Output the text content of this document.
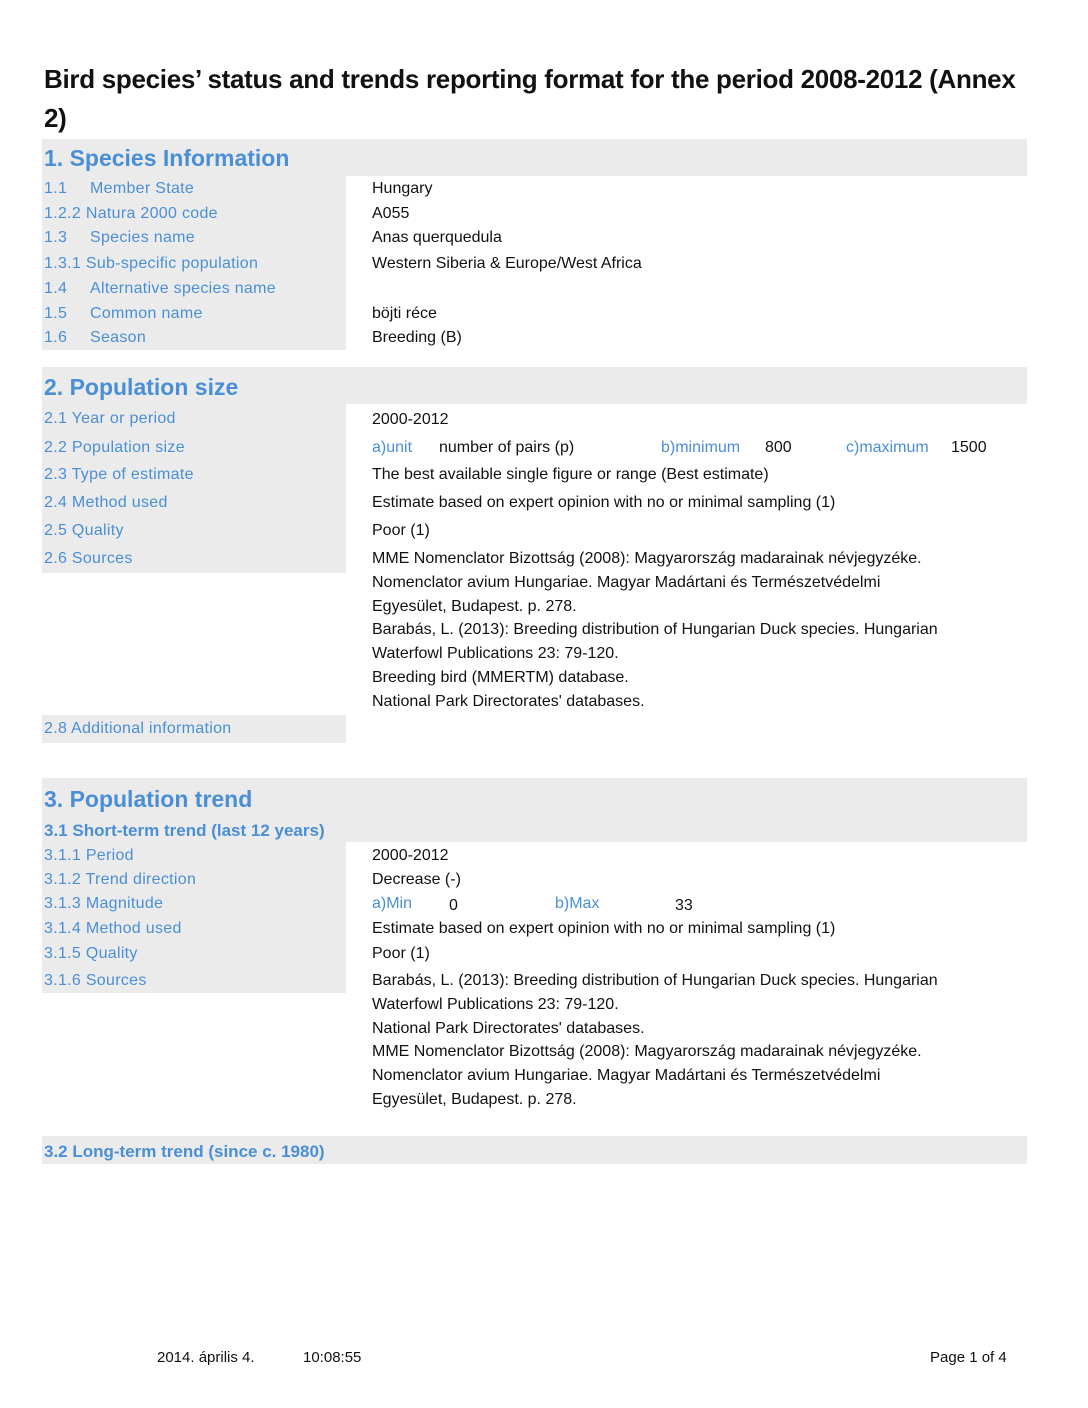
Bird species’ status and trends reporting format for the period 2008-2012 (Annex 2)
1. Species Information
1.1 Member State	Hungary
1.2.2 Natura 2000 code	A055
1.3 Species name	Anas querquedula
1.3.1 Sub-specific population	Western Siberia & Europe/West Africa
1.4 Alternative species name
1.5 Common name	böjti réce
1.6 Season	Breeding (B)
2. Population size
2.1 Year or period	2000-2012
2.2 Population size	a)unit number of pairs (p)	b)minimum 800	c)maximum 1500
2.3 Type of estimate	The best available single figure or range (Best estimate)
2.4 Method used	Estimate based on expert opinion with no or minimal sampling (1)
2.5 Quality	Poor (1)
2.6 Sources	MME Nomenclator Bizottság (2008): Magyarország madarainak névjegyzéke.
Nomenclator avium Hungariae. Magyar Madártani és Természetvédelmi
Egyesület, Budapest. p. 278.
Barabás, L. (2013): Breeding distribution of Hungarian Duck species. Hungarian
Waterfowl Publications 23: 79-120.
Breeding bird (MMERTM) database.
National Park Directorates' databases.
2.8 Additional information
3. Population trend
3.1 Short-term trend (last 12 years)
3.1.1 Period	2000-2012
3.1.2 Trend direction	Decrease (-)
3.1.3 Magnitude	a)Min 0	b)Max	33
3.1.4 Method used	Estimate based on expert opinion with no or minimal sampling (1)
3.1.5 Quality	Poor (1)
3.1.6 Sources	Barabás, L. (2013): Breeding distribution of Hungarian Duck species. Hungarian
Waterfowl Publications 23: 79-120.
National Park Directorates' databases.
MME Nomenclator Bizottság (2008): Magyarország madarainak névjegyzéke.
Nomenclator avium Hungariae. Magyar Madártani és Természetvédelmi
Egyesület, Budapest. p. 278.
3.2 Long-term trend (since c. 1980)
2014. április 4.	10:08:55	Page 1 of 4
